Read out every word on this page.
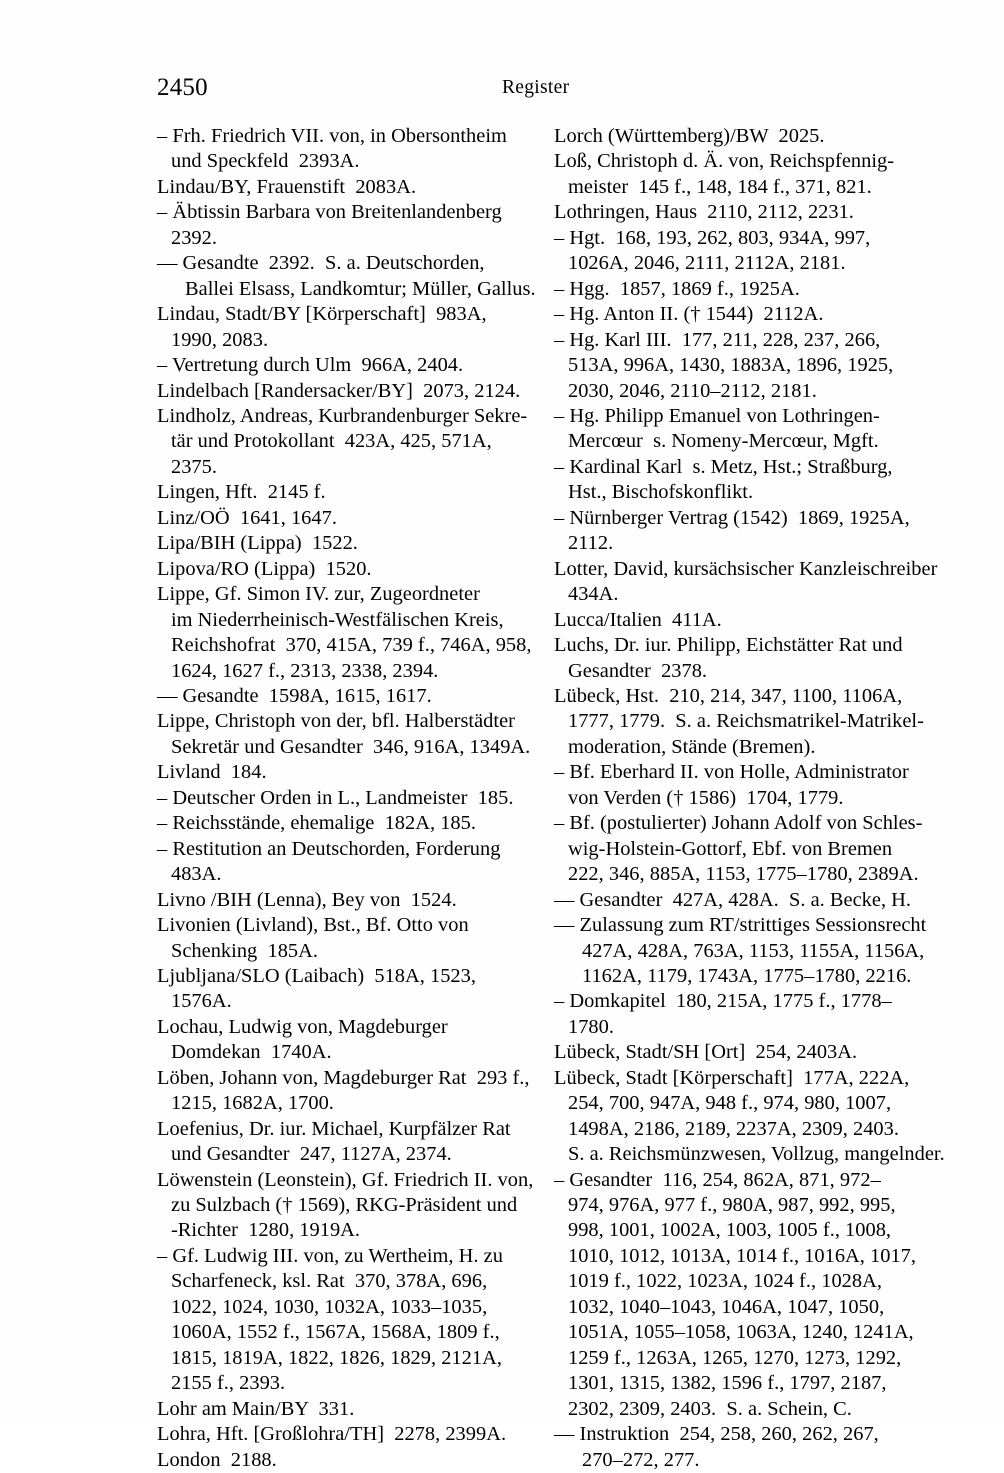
2450	Register
– Frh. Friedrich VII. von, in Obersontheim
und Speckfeld  2393A.
Lindau/BY, Frauenstift  2083A.
– Äbtissin Barbara von Breitenlandenberg
2392.
–– Gesandte  2392.  S. a. Deutschorden,
Ballei Elsass, Landkomtur; Müller, Gallus.
Lindau, Stadt/BY [Körperschaft]  983A,
1990, 2083.
– Vertretung durch Ulm  966A, 2404.
Lindelbach [Randersacker/BY]  2073, 2124.
Lindholz, Andreas, Kurbrandenburger Sekre-
tär und Protokollant  423A, 425, 571A,
2375.
Lingen, Hft.  2145 f.
Linz/OÖ  1641, 1647.
Lipa/BIH (Lippa)  1522.
Lipova/RO (Lippa)  1520.
Lippe, Gf. Simon IV. zur, Zugeordneter
im Niederrheinisch-Westfälischen Kreis,
Reichshofrat  370, 415A, 739 f., 746A, 958,
1624, 1627 f., 2313, 2338, 2394.
–– Gesandte  1598A, 1615, 1617.
Lippe, Christoph von der, bfl. Halberstädter
Sekretär und Gesandter  346, 916A, 1349A.
Livland  184.
– Deutscher Orden in L., Landmeister  185.
– Reichsstände, ehemalige  182A, 185.
– Restitution an Deutschorden, Forderung
483A.
Livno /BIH (Lenna), Bey von  1524.
Livonien (Livland), Bst., Bf. Otto von
Schenking  185A.
Ljubljana/SLO (Laibach)  518A, 1523,
1576A.
Lochau, Ludwig von, Magdeburger
Domdekan  1740A.
Löben, Johann von, Magdeburger Rat  293 f.,
1215, 1682A, 1700.
Loefenius, Dr. iur. Michael, Kurpfälzer Rat
und Gesandter  247, 1127A, 2374.
Löwenstein (Leonstein), Gf. Friedrich II. von,
zu Sulzbach († 1569), RKG-Präsident und
-Richter  1280, 1919A.
– Gf. Ludwig III. von, zu Wertheim, H. zu
Scharfeneck, ksl. Rat  370, 378A, 696,
1022, 1024, 1030, 1032A, 1033–1035,
1060A, 1552 f., 1567A, 1568A, 1809 f.,
1815, 1819A, 1822, 1826, 1829, 2121A,
2155 f., 2393.
Lohr am Main/BY  331.
Lohra, Hft. [Großlohra/TH]  2278, 2399A.
London  2188.
Lorch (Württemberg)/BW  2025.
Loß, Christoph d. Ä. von, Reichspfennig-
meister  145 f., 148, 184 f., 371, 821.
Lothringen, Haus  2110, 2112, 2231.
– Hgt.  168, 193, 262, 803, 934A, 997,
1026A, 2046, 2111, 2112A, 2181.
– Hgg.  1857, 1869 f., 1925A.
– Hg. Anton II. († 1544)  2112A.
– Hg. Karl III.  177, 211, 228, 237, 266,
513A, 996A, 1430, 1883A, 1896, 1925,
2030, 2046, 2110–2112, 2181.
– Hg. Philipp Emanuel von Lothringen-
Mercœur  s. Nomeny-Mercœur, Mgft.
– Kardinal Karl  s. Metz, Hst.; Straßburg,
Hst., Bischofskonflikt.
– Nürnberger Vertrag (1542)  1869, 1925A,
2112.
Lotter, David, kursächsischer Kanzleischreiber
434A.
Lucca/Italien  411A.
Luchs, Dr. iur. Philipp, Eichstätter Rat und
Gesandter  2378.
Lübeck, Hst.  210, 214, 347, 1100, 1106A,
1777, 1779.  S. a. Reichsmatrikel-Matrikel-
moderation, Stände (Bremen).
– Bf. Eberhard II. von Holle, Administrator
von Verden († 1586)  1704, 1779.
– Bf. (postulierter) Johann Adolf von Schles-
wig-Holstein-Gottorf, Ebf. von Bremen
222, 346, 885A, 1153, 1775–1780, 2389A.
–– Gesandter  427A, 428A.  S. a. Becke, H.
–– Zulassung zum RT/strittiges Sessionsrecht
427A, 428A, 763A, 1153, 1155A, 1156A,
1162A, 1179, 1743A, 1775–1780, 2216.
– Domkapitel  180, 215A, 1775 f., 1778–
1780.
Lübeck, Stadt/SH [Ort]  254, 2403A.
Lübeck, Stadt [Körperschaft]  177A, 222A,
254, 700, 947A, 948 f., 974, 980, 1007,
1498A, 2186, 2189, 2237A, 2309, 2403.
S. a. Reichsmünzwesen, Vollzug, mangelnder.
– Gesandter  116, 254, 862A, 871, 972–
974, 976A, 977 f., 980A, 987, 992, 995,
998, 1001, 1002A, 1003, 1005 f., 1008,
1010, 1012, 1013A, 1014 f., 1016A, 1017,
1019 f., 1022, 1023A, 1024 f., 1028A,
1032, 1040–1043, 1046A, 1047, 1050,
1051A, 1055–1058, 1063A, 1240, 1241A,
1259 f., 1263A, 1265, 1270, 1273, 1292,
1301, 1315, 1382, 1596 f., 1797, 2187,
2302, 2309, 2403.  S. a. Schein, C.
–– Instruktion  254, 258, 260, 262, 267,
270–272, 277.
